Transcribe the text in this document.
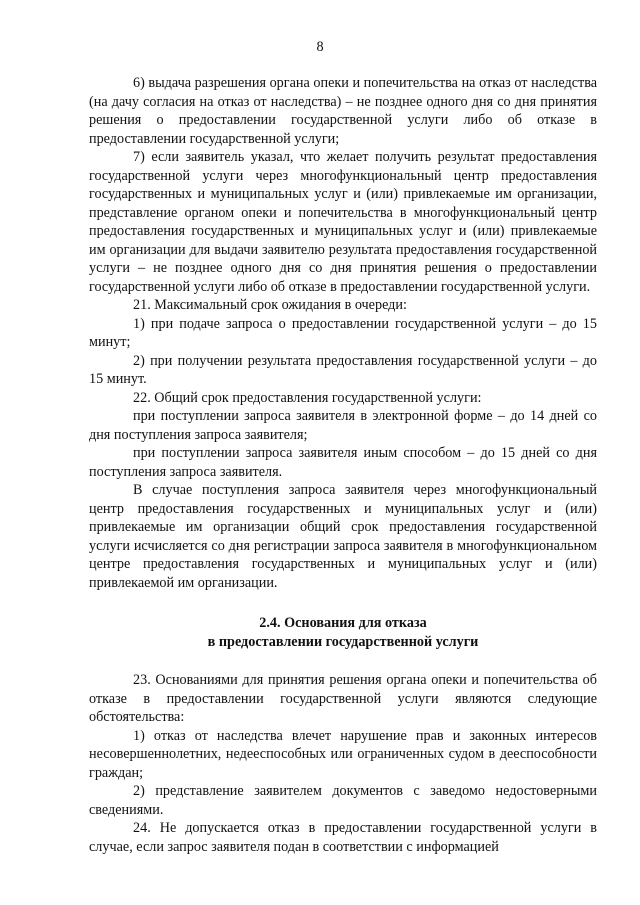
8

6) выдача разрешения органа опеки и попечительства на отказ от наследства (на дачу согласия на отказ от наследства) – не позднее одного дня со дня принятия решения о предоставлении государственной услуги либо об отказе в предоставлении государственной услуги;

7) если заявитель указал, что желает получить результат предоставления государственной услуги через многофункциональный центр предоставления государственных и муниципальных услуг и (или) привлекаемые им организации, представление органом опеки и попечительства в многофункциональный центр предоставления государственных и муниципальных услуг и (или) привлекаемые им организации для выдачи заявителю результата предоставления государственной услуги – не позднее одного дня со дня принятия решения о предоставлении государственной услуги либо об отказе в предоставлении государственной услуги.

21. Максимальный срок ожидания в очереди:

1) при подаче запроса о предоставлении государственной услуги – до 15 минут;

2) при получении результата предоставления государственной услуги – до 15 минут.

22. Общий срок предоставления государственной услуги:

при поступлении запроса заявителя в электронной форме – до 14 дней со дня поступления запроса заявителя;

при поступлении запроса заявителя иным способом – до 15 дней со дня поступления запроса заявителя.

В случае поступления запроса заявителя через многофункциональный центр предоставления государственных и муниципальных услуг и (или) привлекаемые им организации общий срок предоставления государственной услуги исчисляется со дня регистрации запроса заявителя в многофункциональном центре предоставления государственных и муниципальных услуг и (или) привлекаемой им организации.

2.4. Основания для отказа
в предоставлении государственной услуги

23. Основаниями для принятия решения органа опеки и попечительства об отказе в предоставлении государственной услуги являются следующие обстоятельства:

1) отказ от наследства влечет нарушение прав и законных интересов несовершеннолетних, недееспособных или ограниченных судом в дееспособности граждан;

2) представление заявителем документов с заведомо недостоверными сведениями.

24. Не допускается отказ в предоставлении государственной услуги в случае, если запрос заявителя подан в соответствии с информацией
